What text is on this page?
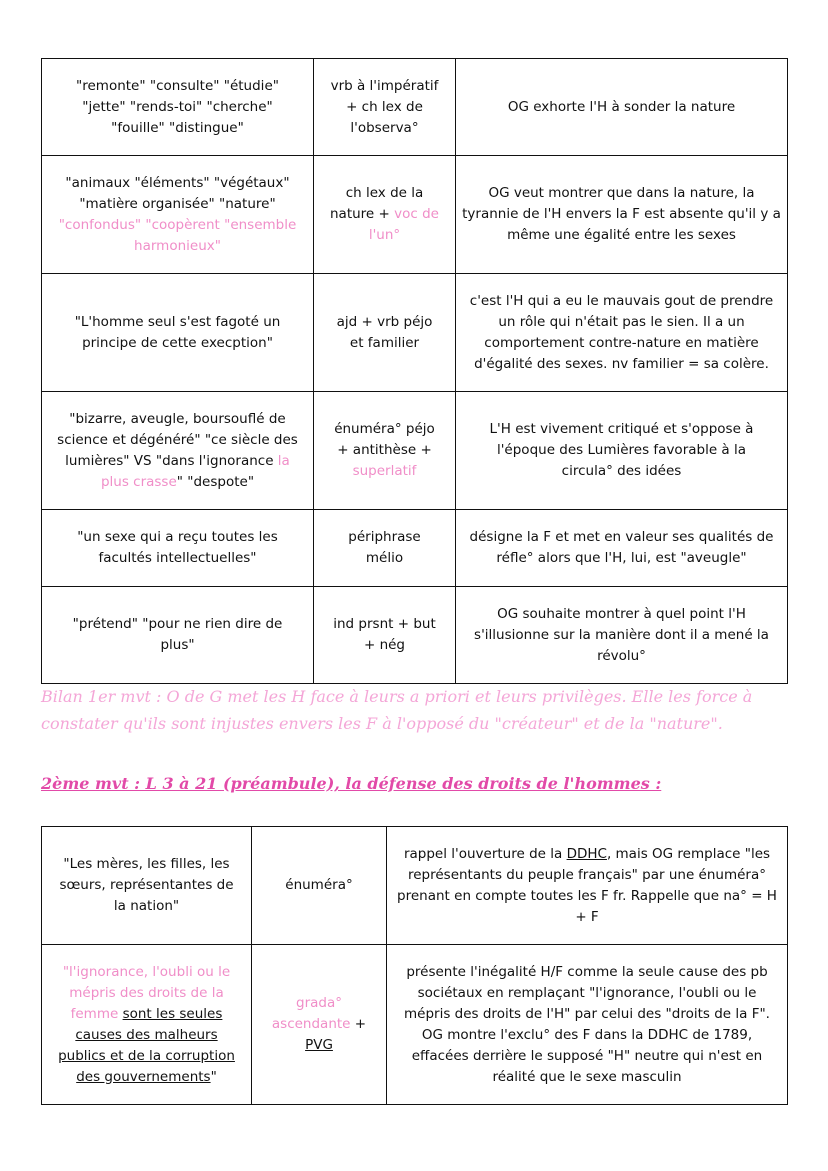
"remonte" "consulte" "étudie" "jette" "rends-toi" "cherche" "fouille" "distingue"	vrb à l'impératif + ch lex de l'observa°	OG exhorte l'H à sonder la nature
"animaux "éléments" "végétaux" "matière organisée" "nature" "confondus" "coopèrent "ensemble harmonieux"	ch lex de la nature + voc de l'un°	OG veut montrer que dans la nature, la tyrannie de l'H envers la F est absente qu'il y a même une égalité entre les sexes
"L'homme seul s'est fagoté un principe de cette execption"	ajd + vrb péjo et familier	c'est l'H qui a eu le mauvais gout de prendre un rôle qui n'était pas le sien. Il a un comportement contre-nature en matière d'égalité des sexes. nv familier = sa colère.
"bizarre, aveugle, boursouflé de science et dégénéré" "ce siècle des lumières" VS "dans l'ignorance la plus crasse" "despote"	énuméra° péjo + antithèse + superlatif	L'H est vivement critiqué et s'oppose à l'époque des Lumières favorable à la circula° des idées
"un sexe qui a reçu toutes les facultés intellectuelles"	périphrase mélio	désigne la F et met en valeur ses qualités de réfle° alors que l'H, lui, est "aveugle"
"prétend" "pour ne rien dire de plus"	ind prsnt + but + nég	OG souhaite montrer à quel point l'H s'illusionne sur la manière dont il a mené la révolu°
Bilan 1er mvt : O de G met les H face à leurs a priori et leurs privilèges. Elle les force à constater qu'ils sont injustes envers les F à l'opposé du "créateur" et de la "nature".
2ème mvt : L 3 à 21 (préambule), la défense des droits de l'hommes :
"Les mères, les filles, les sœurs, représentantes de la nation"	énuméra°	rappel l'ouverture de la DDHC, mais OG remplace "les représentants du peuple français" par une énuméra° prenant en compte toutes les F fr. Rappelle que na° = H + F
"l'ignorance, l'oubli ou le mépris des droits de la femme sont les seules causes des malheurs publics et de la corruption des gouvernements"	grada° ascendante + PVG	présente l'inégalité H/F comme la seule cause des pb sociétaux en remplaçant "l'ignorance, l'oubli ou le mépris des droits de l'H" par celui des "droits de la F". OG montre l'exclu° des F dans la DDHC de 1789, effacées derrière le supposé "H" neutre qui n'est en réalité que le sexe masculin
